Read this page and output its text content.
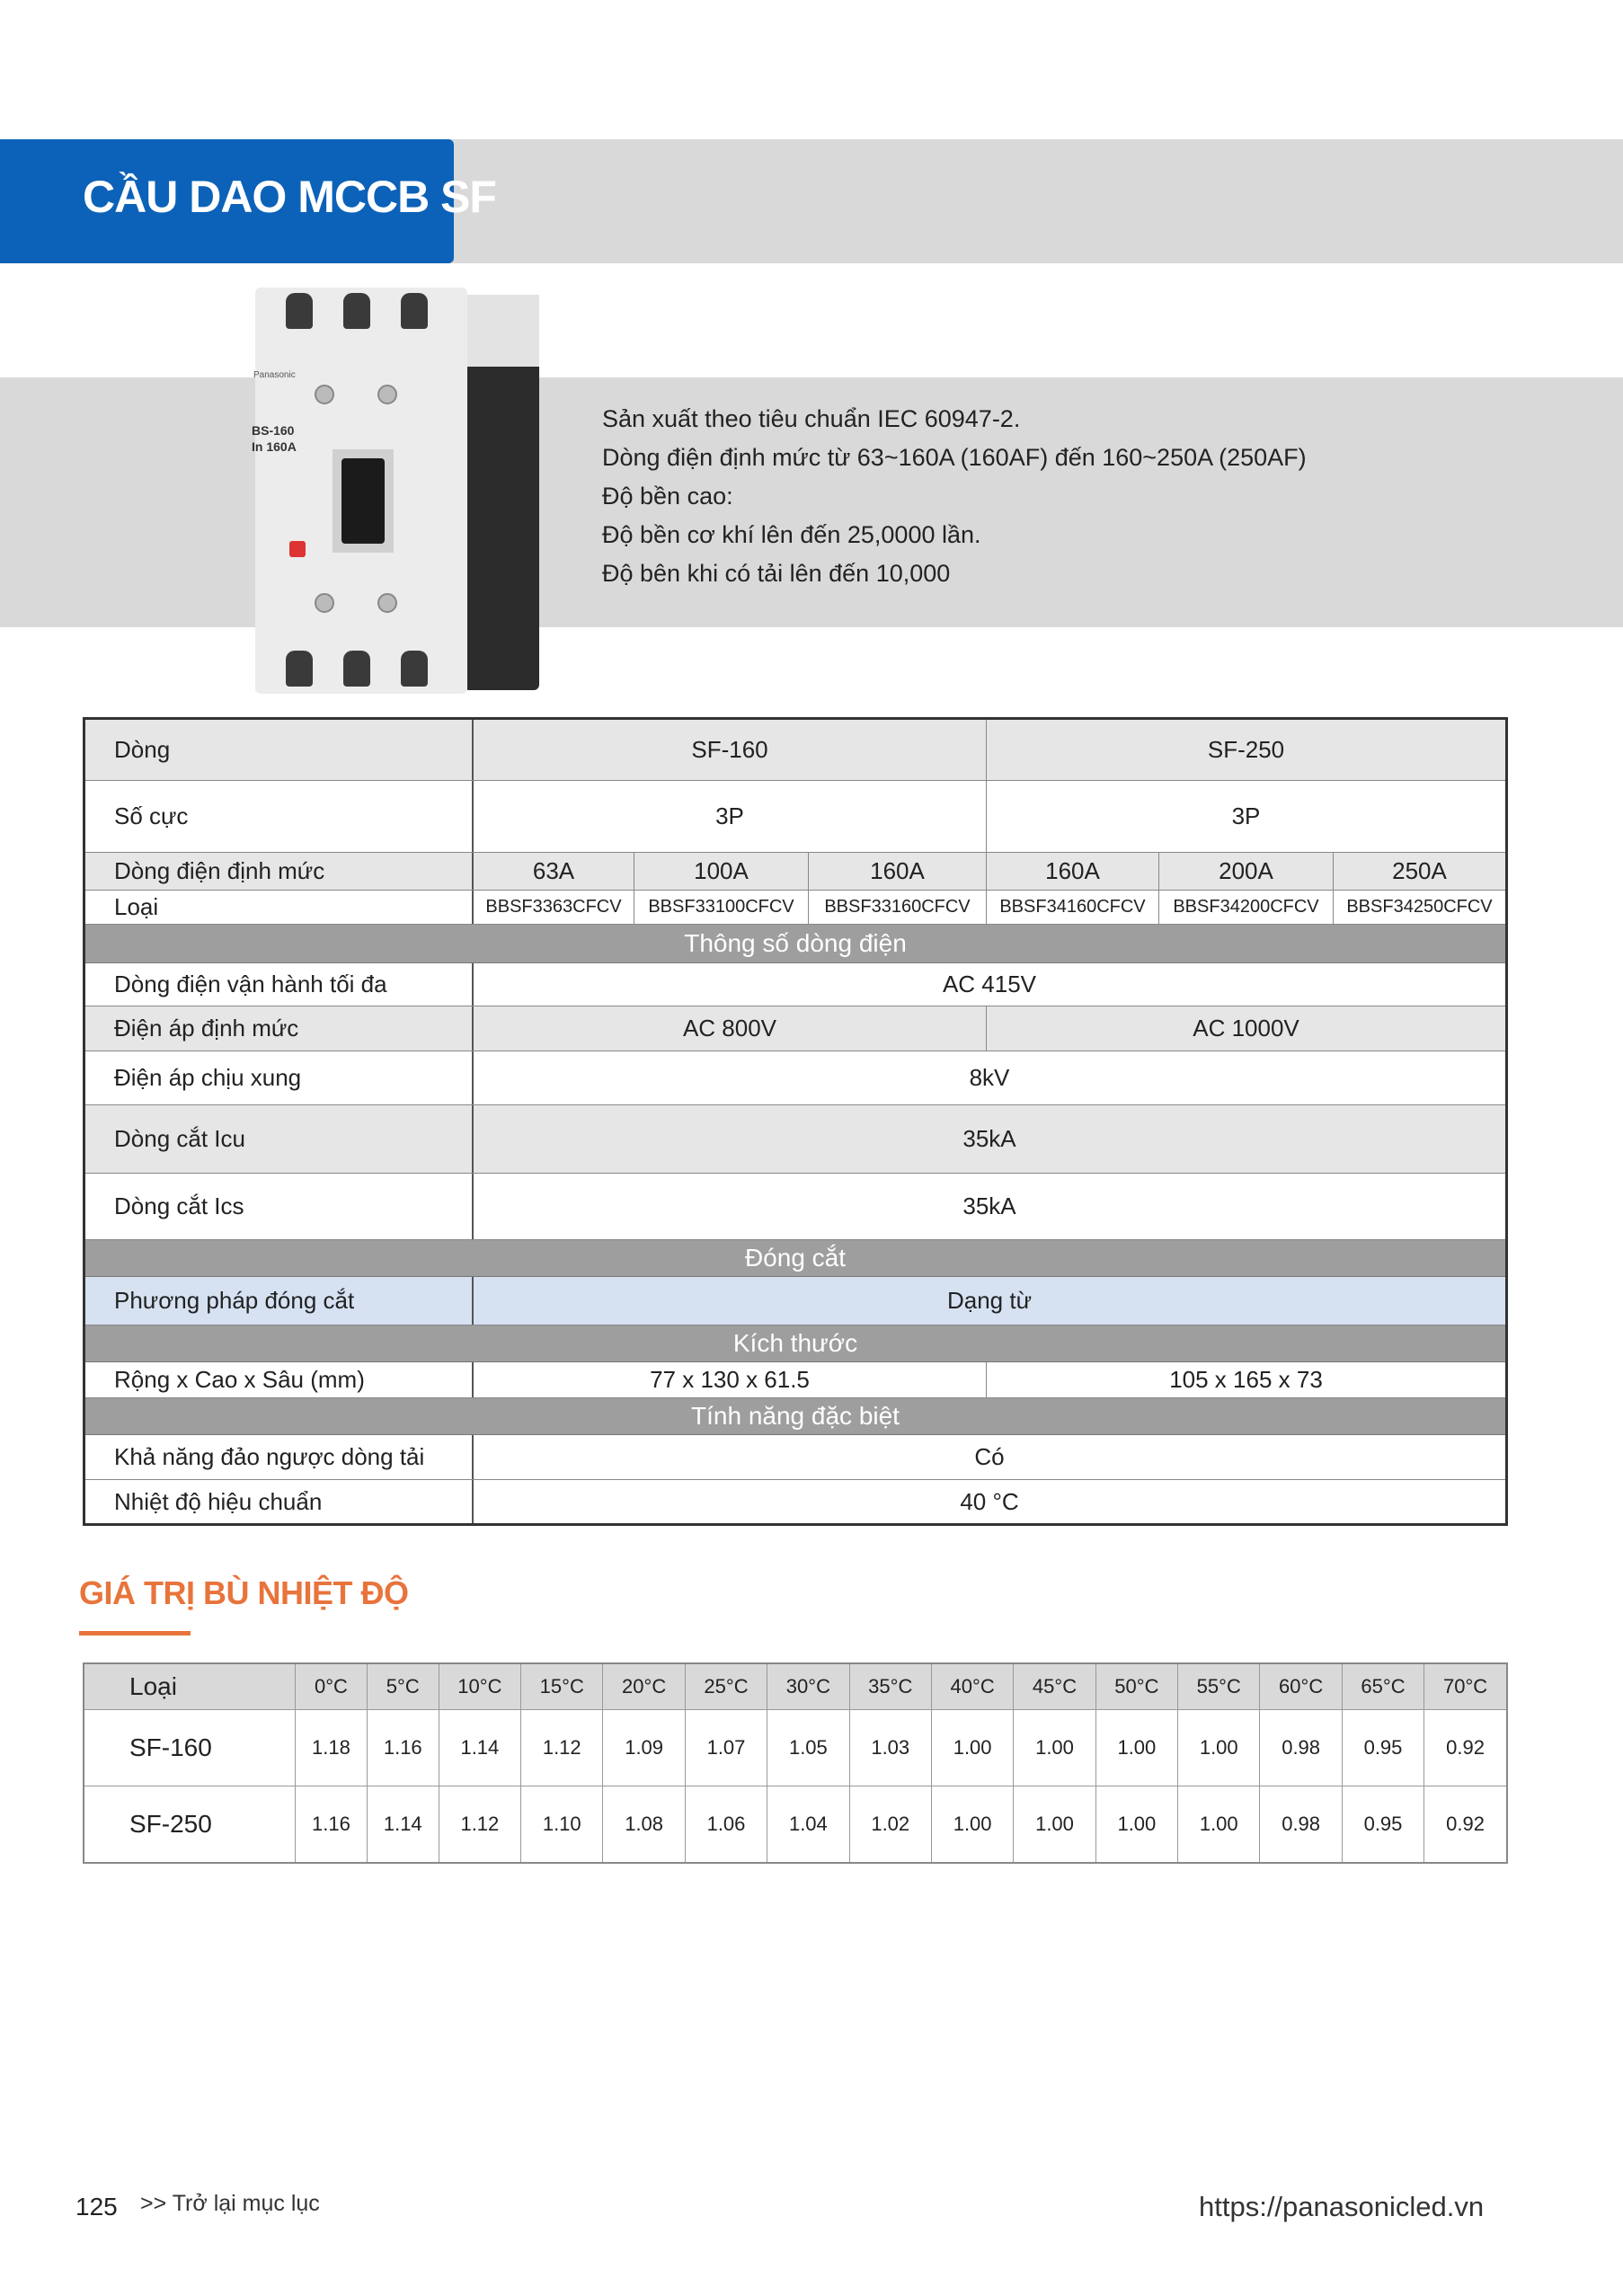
CẦU DAO MCCB SF
Panasonic
BS-160
In 160A
Sản xuất theo tiêu chuẩn IEC 60947-2.
Dòng điện định mức từ 63~160A (160AF) đến 160~250A (250AF)
Độ bền cao:
Độ bền cơ khí lên đến 25,0000 lần.
Độ bên khi có tải lên đến 10,000
Dòng	SF-160	SF-250
Số cực	3P	3P
Dòng điện định mức	63A	100A	160A	160A	200A	250A
Loại	BBSF3363CFCV	BBSF33100CFCV	BBSF33160CFCV	BBSF34160CFCV	BBSF34200CFCV	BBSF34250CFCV
Thông số dòng điện
Dòng điện vận hành tối đa	AC 415V
Điện áp định mức	AC 800V	AC 1000V
Điện áp chịu xung	8kV
Dòng cắt Icu	35kA
Dòng cắt Ics	35kA
Đóng cắt
Phương pháp đóng cắt	Dạng từ
Kích thước
Rộng x Cao x Sâu (mm)	77 x 130 x 61.5	105 x 165 x 73
Tính năng đặc biệt
Khả năng đảo ngược dòng tải	Có
Nhiệt độ hiệu chuẩn	40 °C
GIÁ TRỊ BÙ NHIỆT ĐỘ
Loại	0°C	5°C	10°C	15°C	20°C	25°C	30°C	35°C	40°C	45°C	50°C	55°C	60°C	65°C	70°C
SF-160	1.18	1.16	1.14	1.12	1.09	1.07	1.05	1.03	1.00	1.00	1.00	1.00	0.98	0.95	0.92
SF-250	1.16	1.14	1.12	1.10	1.08	1.06	1.04	1.02	1.00	1.00	1.00	1.00	0.98	0.95	0.92
125 >> Trở lại mục lục	https://panasonicled.vn
